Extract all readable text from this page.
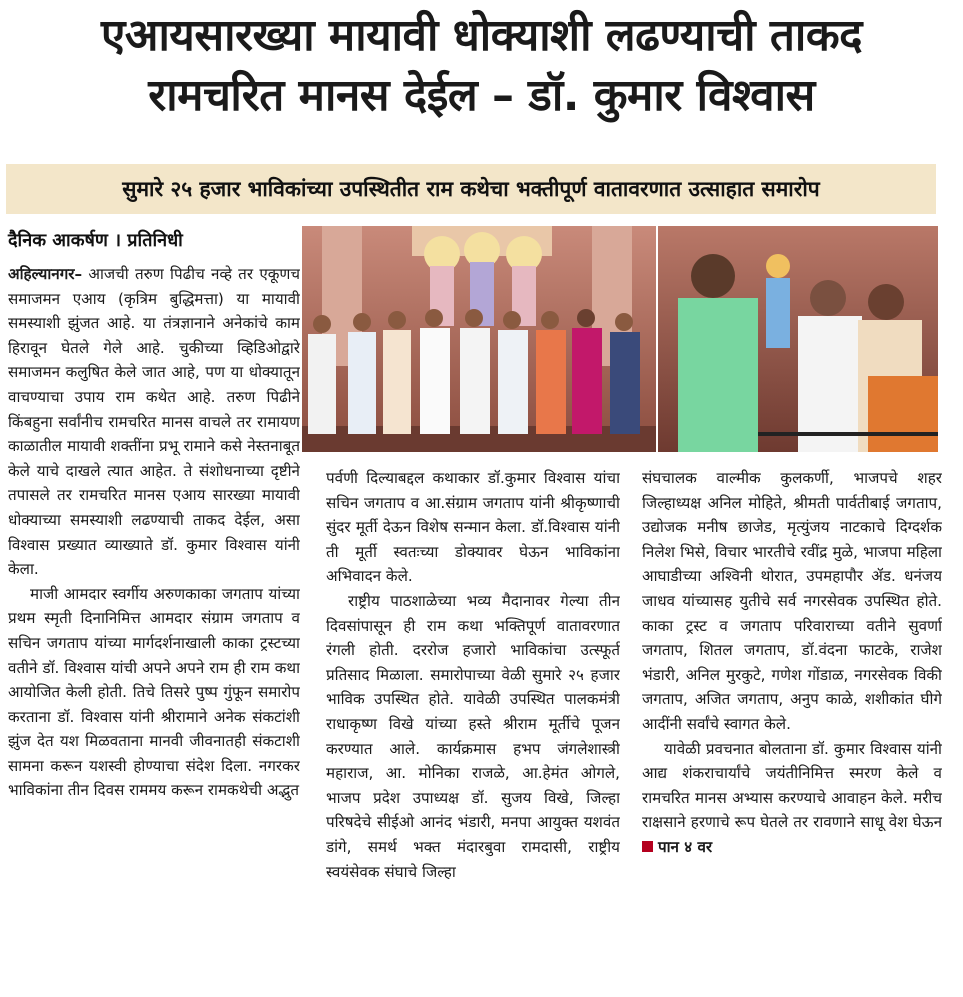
एआयसारख्या मायावी धोक्याशी लढण्याची ताकद
रामचरित मानस देईल – डॉ. कुमार विश्वास
सुमारे २५ हजार भाविकांच्या उपस्थितीत राम कथेचा भक्तीपूर्ण वातावरणात उत्साहात समारोप
दैनिक आकर्षण । प्रतिनिधी

अहिल्यानगर– आजची तरुण पिढीच नव्हे तर एकूणच समाजमन एआय (कृत्रिम बुद्धिमत्ता) या मायावी समस्याशी झुंजत आहे. या तंत्रज्ञानाने अनेकांचे काम हिरावून घेतले गेले आहे. चुकीच्या व्हिडिओद्वारे समाजमन कलुषित केले जात आहे, पण या धोक्यातून वाचण्याचा उपाय राम कथेत आहे. तरुण पिढीने किंबहुना सर्वांनीच रामचरित मानस वाचले तर रामायण काळातील मायावी शक्तींना प्रभू रामाने कसे नेस्तनाबूत केले याचे दाखले त्यात आहेत. ते संशोधनाच्या दृष्टीने तपासले तर रामचरित मानस एआय सारख्या मायावी धोक्याच्या समस्याशी लढण्याची ताकद देईल, असा विश्वास प्रख्यात व्याख्याते डॉ. कुमार विश्वास यांनी केला.

माजी आमदार स्वर्गीय अरुणकाका जगताप यांच्या प्रथम स्मृती दिनानिमित्त आमदार संग्राम जगताप व सचिन जगताप यांच्या मार्गदर्शनाखाली काका ट्रस्टच्या वतीने डॉ. विश्वास यांची अपने अपने राम ही राम कथा आयोजित केली होती. तिचे तिसरे पुष्प गुंफून समारोप करताना डॉ. विश्वास यांनी श्रीरामाने अनेक संकटांशी झुंज देत यश मिळवताना मानवी जीवनातही संकटाशी सामना करून यशस्वी होण्याचा संदेश दिला. नगरकर भाविकांना तीन दिवस राममय करून रामकथेची अद्भुत

पर्वणी दिल्याबद्दल कथाकार डॉ.कुमार विश्वास यांचा सचिन जगताप व आ.संग्राम जगताप यांनी श्रीकृष्णाची सुंदर मूर्ती देऊन विशेष सन्मान केला. डॉ.विश्वास यांनी ती मूर्ती स्वतःच्या डोक्यावर घेऊन भाविकांना अभिवादन केले.

राष्ट्रीय पाठशाळेच्या भव्य मैदानावर गेल्या तीन दिवसांपासून ही राम कथा भक्तिपूर्ण वातावरणात रंगली होती. दररोज हजारो भाविकांचा उत्स्फूर्त प्रतिसाद मिळाला. समारोपाच्या वेळी सुमारे २५ हजार भाविक उपस्थित होते. यावेळी उपस्थित पालकमंत्री राधाकृष्ण विखे यांच्या हस्ते श्रीराम मूर्तीचे पूजन करण्यात आले. कार्यक्रमास हभप जंगलेशास्त्री महाराज, आ. मोनिका राजळे, आ.हेमंत ओगले, भाजप प्रदेश उपाध्यक्ष डॉ. सुजय विखे, जिल्हा परिषदेचे सीईओ आनंद भंडारी, मनपा आयुक्त यशवंत डांगे, समर्थ भक्त मंदारबुवा रामदासी, राष्ट्रीय स्वयंसेवक संघाचे जिल्हा

संघचालक वाल्मीक कुलकर्णी, भाजपचे शहर जिल्हाध्यक्ष अनिल मोहिते, श्रीमती पार्वतीबाई जगताप, उद्योजक मनीष छाजेड, मृत्युंजय नाटकाचे दिग्दर्शक निलेश भिसे, विचार भारतीचे रवींद्र मुळे, भाजपा महिला आघाडीच्या अश्विनी थोरात, उपमहापौर ॲड. धनंजय जाधव यांच्यासह युतीचे सर्व नगरसेवक उपस्थित होते. काका ट्रस्ट व जगताप परिवाराच्या वतीने सुवर्णा जगताप, शितल जगताप, डॉ.वंदना फाटके, राजेश भंडारी, अनिल मुरकुटे, गणेश गोंडाळ, नगरसेवक विकी जगताप, अजित जगताप, अनुप काळे, शशीकांत घीगे आदींनी सर्वांचे स्वागत केले.

यावेळी प्रवचनात बोलताना डॉ. कुमार विश्वास यांनी आद्य शंकराचार्यांचे जयंतीनिमित्त स्मरण केले व रामचरित मानस अभ्यास करण्याचे आवाहन केले. मरीच राक्षसाने हरणाचे रूप घेतले तर रावणाने साधू वेश घेऊन पान ४ वर
